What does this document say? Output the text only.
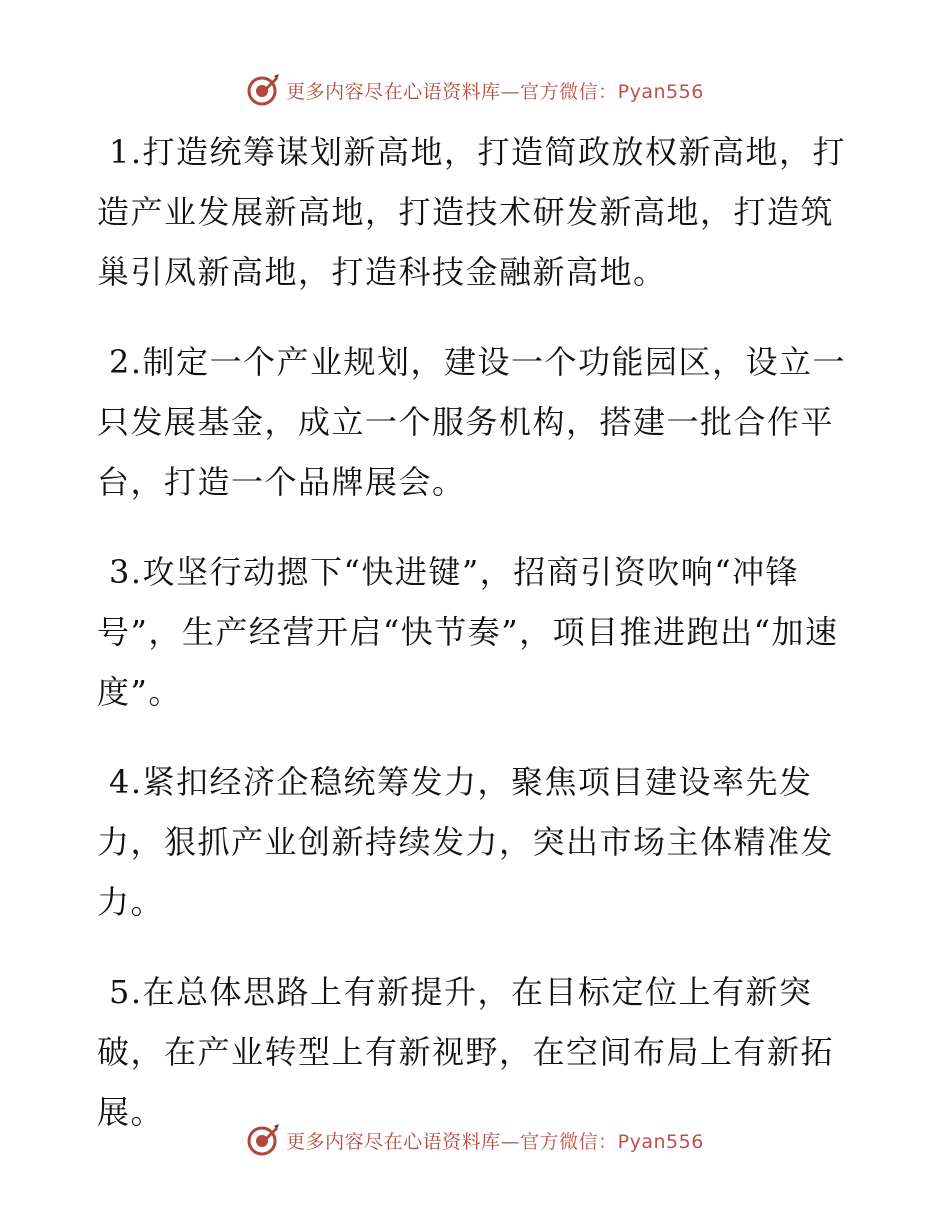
更多内容尽在心语资料库—官方微信：Pyan556

1.打造统筹谋划新高地，打造简政放权新高地，打造产业发展新高地，打造技术研发新高地，打造筑巢引凤新高地，打造科技金融新高地。

2.制定一个产业规划，建设一个功能园区，设立一只发展基金，成立一个服务机构，搭建一批合作平台，打造一个品牌展会。

3.攻坚行动摁下“快进键”，招商引资吹响“冲锋号”，生产经营开启“快节奏”，项目推进跑出“加速度”。

4.紧扣经济企稳统筹发力，聚焦项目建设率先发力，狠抓产业创新持续发力，突出市场主体精准发力。

5.在总体思路上有新提升，在目标定位上有新突破，在产业转型上有新视野，在空间布局上有新拓展。

更多内容尽在心语资料库—官方微信：Pyan556
